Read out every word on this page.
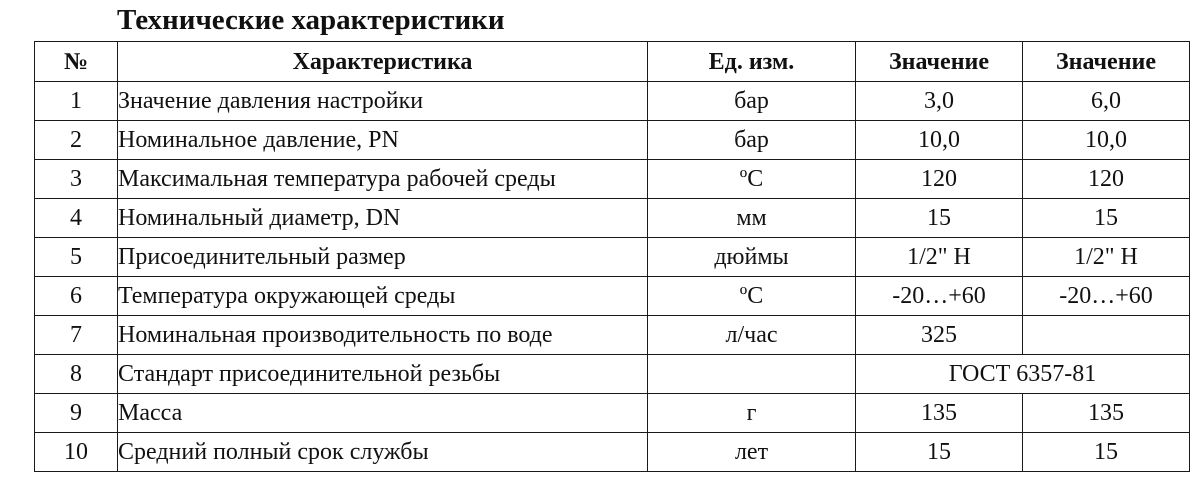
Технические характеристики
№	Характеристика	Ед. изм.	Значение	Значение
1	Значение давления настройки	бар	3,0	6,0
2	Номинальное давление, PN	бар	10,0	10,0
3	Максимальная температура рабочей среды	ºC	120	120
4	Номинальный диаметр, DN	мм	15	15
5	Присоединительный размер	дюймы	1/2" Н	1/2" Н
6	Температура окружающей среды	ºC	-20…+60	-20…+60
7	Номинальная производительность по воде	л/час	325	
8	Стандарт присоединительной резьбы		ГОСТ 6357-81	
9	Масса	г	135	135
10	Средний полный срок службы	лет	15	15
